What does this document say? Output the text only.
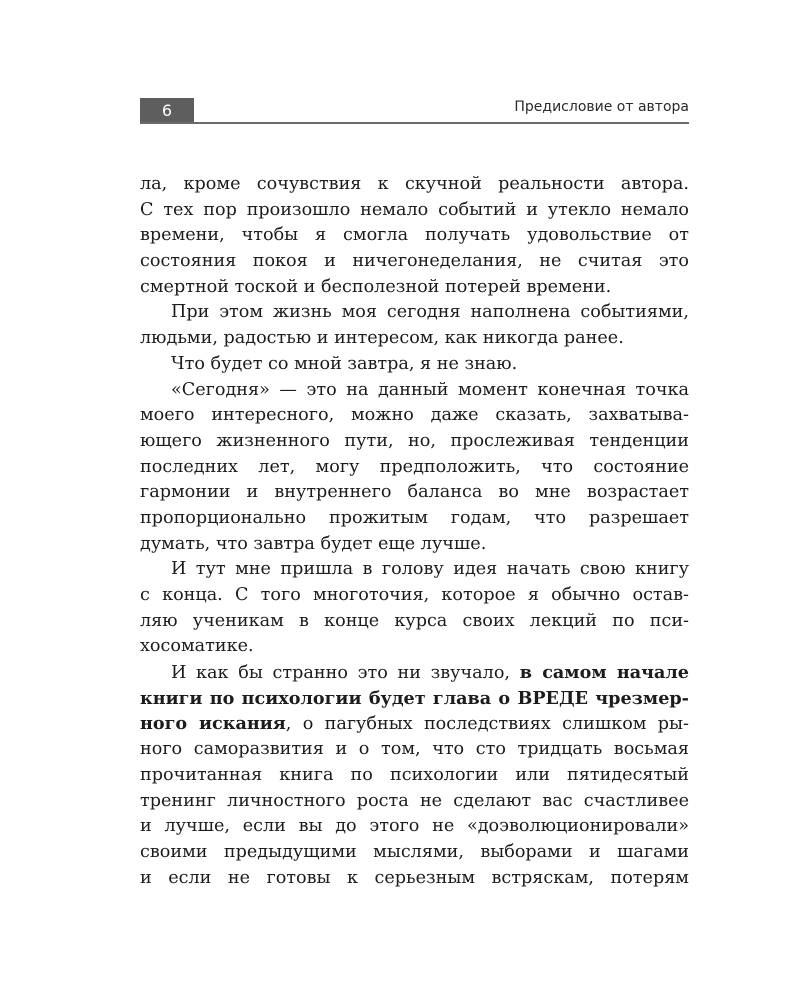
6	Предисловие от автора
ла, кроме сочувствия к скучной реальности автора.
С тех пор произошло немало событий и утекло немало
времени, чтобы я смогла получать удовольствие от
состояния покоя и ничегонеделания, не считая это
смертной тоской и бесполезной потерей времени.
При этом жизнь моя сегодня наполнена событиями,
людьми, радостью и интересом, как никогда ранее.
Что будет со мной завтра, я не знаю.
«Сегодня» — это на данный момент конечная точка
моего интересного, можно даже сказать, захватыва-
ющего жизненного пути, но, прослеживая тенденции
последних лет, могу предположить, что состояние
гармонии и внутреннего баланса во мне возрастает
пропорционально прожитым годам, что разрешает
думать, что завтра будет еще лучше.
И тут мне пришла в голову идея начать свою книгу
с конца. С того многоточия, которое я обычно остав-
ляю ученикам в конце курса своих лекций по пси-
хосоматике.
И как бы странно это ни звучало, в самом начале
книги по психологии будет глава о ВРЕДЕ чрезмер-
ного искания, о пагубных последствиях слишком ры-
ного саморазвития и о том, что сто тридцать восьмая
прочитанная книга по психологии или пятидесятый
тренинг личностного роста не сделают вас счастливее
и лучше, если вы до этого не «доэволюционировали»
своими предыдущими мыслями, выборами и шагами
и если не готовы к серьезным встряскам, потерям
